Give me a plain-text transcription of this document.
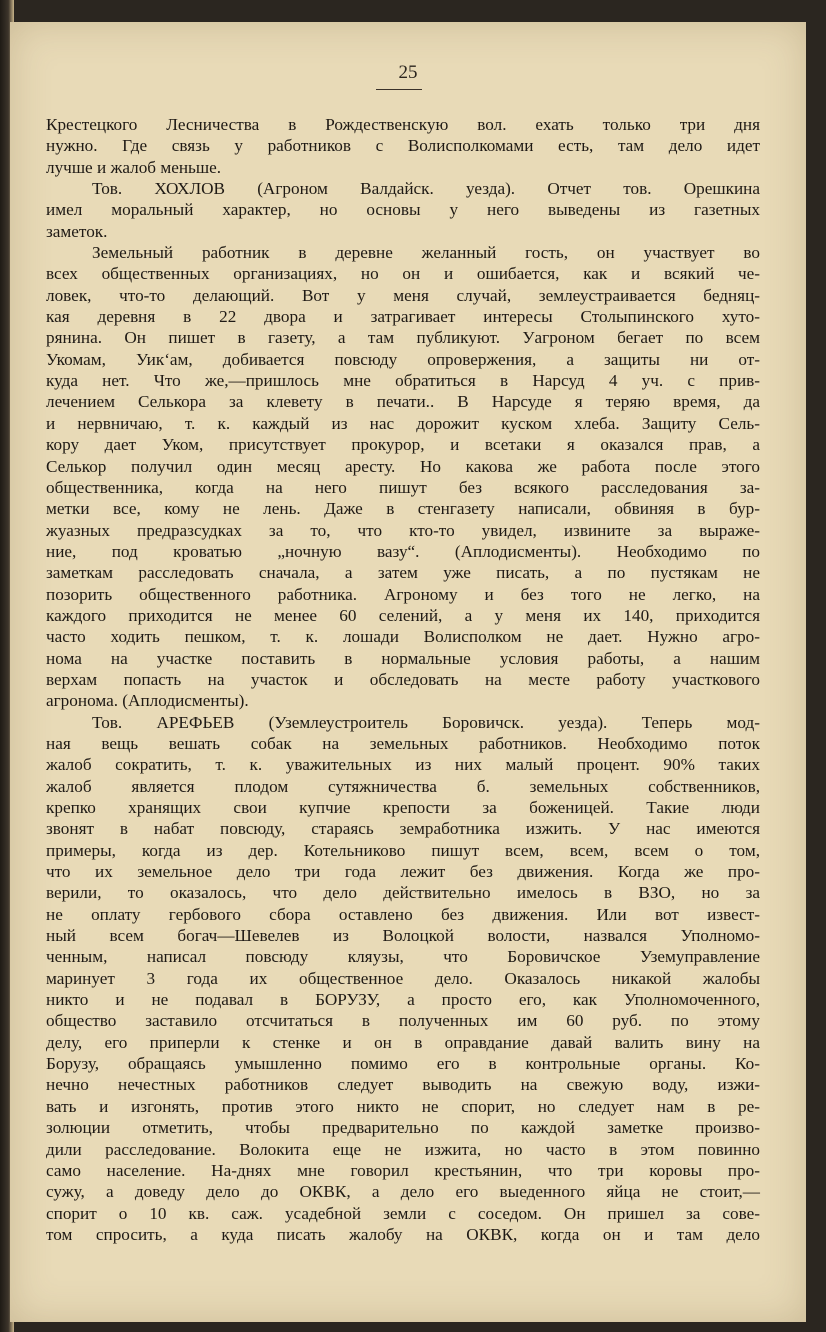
25
Крестецкого Лесничества в Рождественскую вол. ехать только три дня
нужно. Где связь у работников с Волисполкомами есть, там дело идет
лучше и жалоб меньше.
Тов. ХОХЛОВ (Агроном Валдайск. уезда). Отчет тов. Орешкина
имел моральный характер, но основы у него выведены из газетных
заметок.
Земельный работник в деревне желанный гость, он участвует во
всех общественных организациях, но он и ошибается, как и всякий че-
ловек, что-то делающий. Вот у меня случай, землеустраивается бедняц-
кая деревня в 22 двора и затрагивает интересы Столыпинского хуто-
рянина. Он пишет в газету, а там публикуют. Уагроном бегает по всем
Укомам, Уик‘ам, добивается повсюду опровержения, а защиты ни от-
куда нет. Что же,—пришлось мне обратиться в Нарсуд 4 уч. с прив-
лечением Селькора за клевету в печати.. В Нарсуде я теряю время, да
и нервничаю, т. к. каждый из нас дорожит куском хлеба. Защиту Сель-
кору дает Уком, присутствует прокурор, и всетаки я оказался прав, а
Селькор получил один месяц аресту. Но какова же работа после этого
общественника, когда на него пишут без всякого расследования за-
метки все, кому не лень. Даже в стенгазету написали, обвиняя в бур-
жуазных предразсудках за то, что кто-то увидел, извините за выраже-
ние, под кроватью „ночную вазу“. (Аплодисменты). Необходимо по
заметкам расследовать сначала, а затем уже писать, а по пустякам не
позорить общественного работника. Агроному и без того не легко, на
каждого приходится не менее 60 селений, а у меня их 140, приходится
часто ходить пешком, т. к. лошади Волисполком не дает. Нужно агро-
нома на участке поставить в нормальные условия работы, а нашим
верхам попасть на участок и обследовать на месте работу участкового
агронома. (Аплодисменты).
Тов. АРЕФЬЕВ (Уземлеустроитель Боровичск. уезда). Теперь мод-
ная вещь вешать собак на земельных работников. Необходимо поток
жалоб сократить, т. к. уважительных из них малый процент. 90% таких
жалоб является плодом сутяжничества б. земельных собственников,
крепко хранящих свои купчие крепости за боженицей. Такие люди
звонят в набат повсюду, стараясь земработника изжить. У нас имеются
примеры, когда из дер. Котельниково пишут всем, всем, всем о том,
что их земельное дело три года лежит без движения. Когда же про-
верили, то оказалось, что дело действительно имелось в ВЗО, но за
не оплату гербового сбора оставлено без движения. Или вот извест-
ный всем богач—Шевелев из Волоцкой волости, назвался Уполномо-
ченным, написал повсюду кляузы, что Боровичское Уземуправление
маринует 3 года их общественное дело. Оказалось никакой жалобы
никто и не подавал в БОРУЗУ, а просто его, как Уполномоченного,
общество заставило отсчитаться в полученных им 60 руб. по этому
делу, его приперли к стенке и он в оправдание давай валить вину на
Борузу, обращаясь умышленно помимо его в контрольные органы. Ко-
нечно нечестных работников следует выводить на свежую воду, изжи-
вать и изгонять, против этого никто не спорит, но следует нам в ре-
золюции отметить, чтобы предварительно по каждой заметке произво-
дили расследование. Волокита еще не изжита, но часто в этом повинно
само население. На-днях мне говорил крестьянин, что три коровы про-
сужу, а доведу дело до ОКВК, а дело его выеденного яйца не стоит,—
спорит о 10 кв. саж. усадебной земли с соседом. Он пришел за сове-
том спросить, а куда писать жалобу на ОКВК, когда он и там дело
